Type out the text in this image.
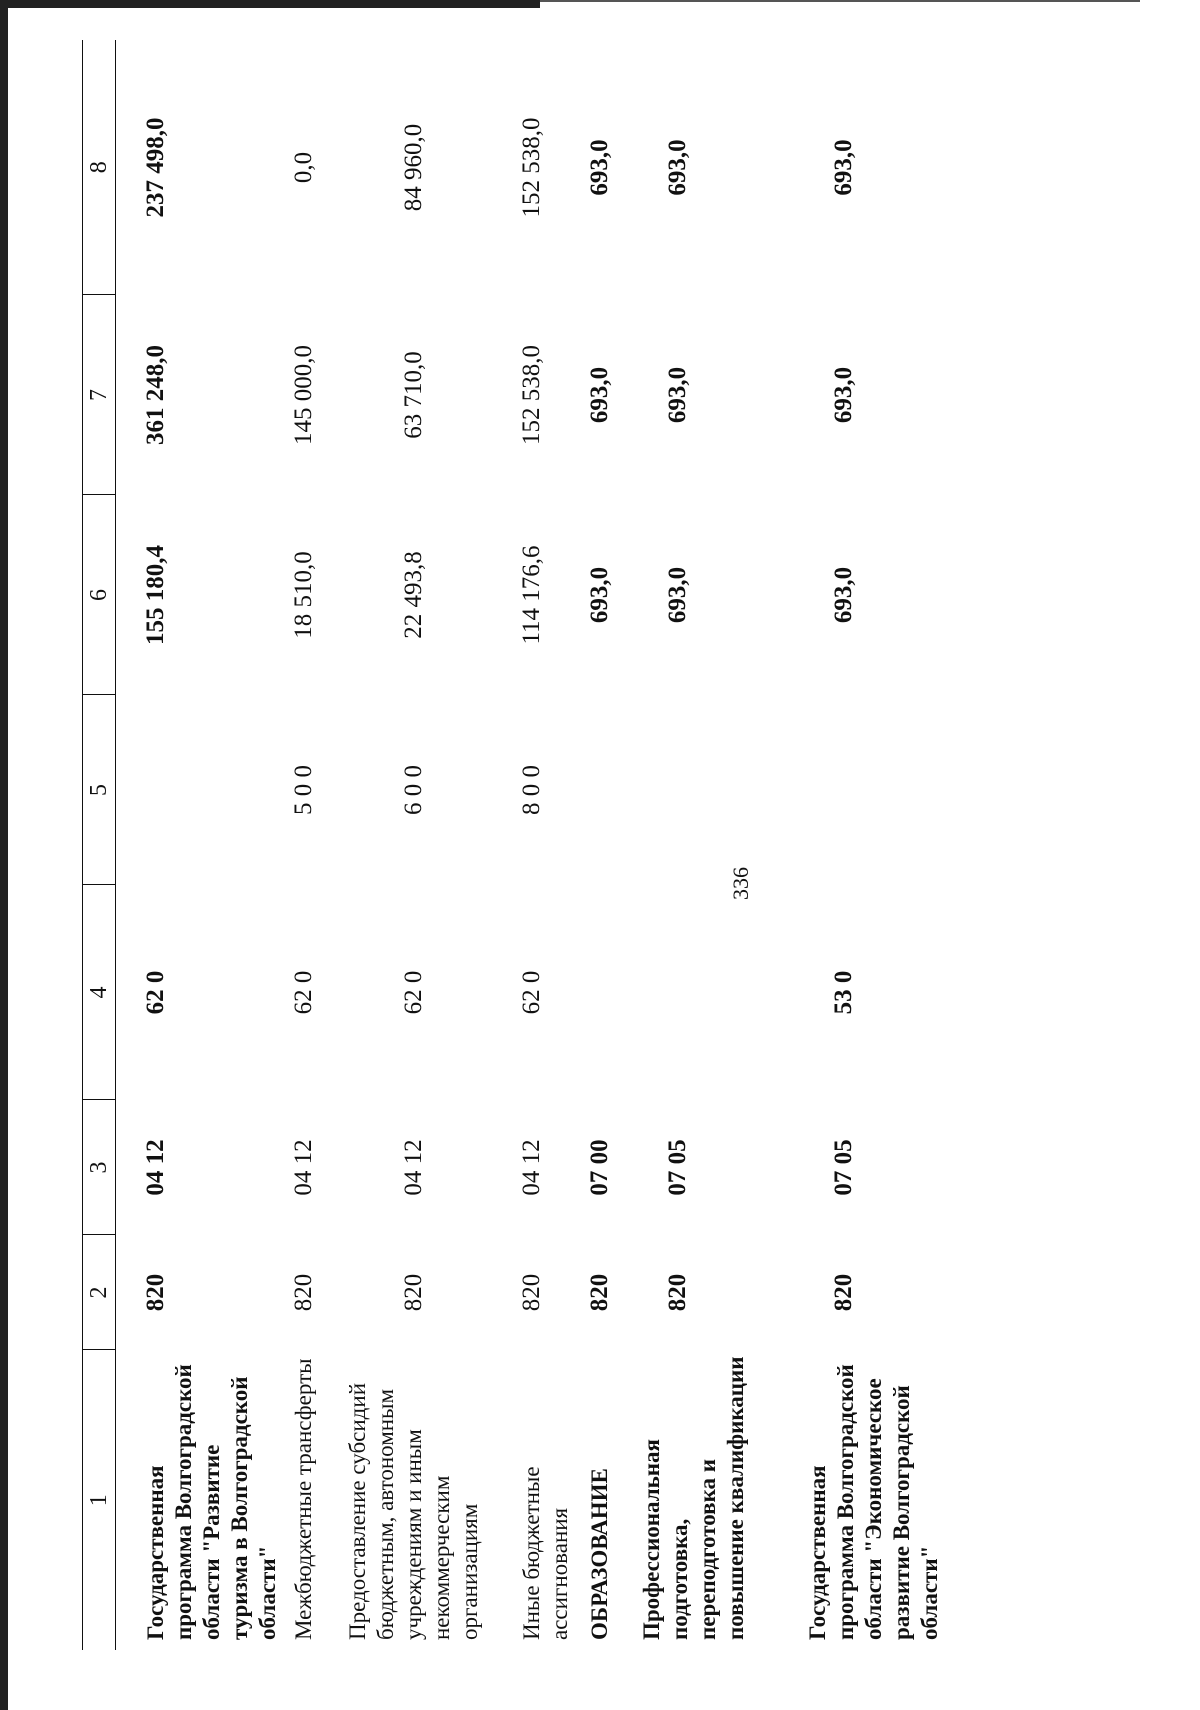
336
1	2	3	4	5	6	7	8
Государственная программа Волгоградской области "Развитие туризма в Волгоградской области"	820	04 12	62 0		155 180,4	361 248,0	237 498,0
Межбюджетные трансферты	820	04 12	62 0	5 0 0	18 510,0	145 000,0	0,0
Предоставление субсидий бюджетным, автономным учреждениям и иным некоммерческим организациям	820	04 12	62 0	6 0 0	22 493,8	63 710,0	84 960,0
Иные бюджетные ассигнования	820	04 12	62 0	8 0 0	114 176,6	152 538,0	152 538,0
ОБРАЗОВАНИЕ	820	07 00			693,0	693,0	693,0
Профессиональная подготовка, переподготовка и повышение квалификации	820	07 05			693,0	693,0	693,0
Государственная программа Волгоградской области "Экономическое развитие Волгоградской области"	820	07 05	53 0		693,0	693,0	693,0
